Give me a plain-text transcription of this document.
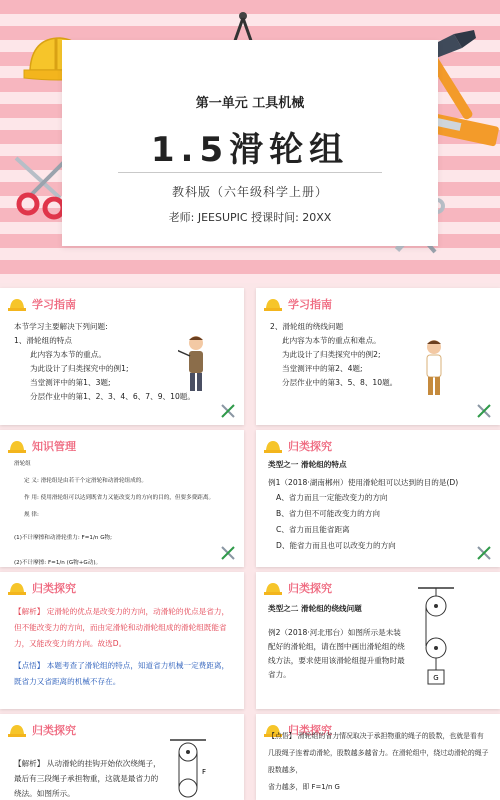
第一单元 工具机械
1.5滑轮组
教科版（六年级科学上册）
老师: JEESUPIC 授课时间: 20XX
学习指南
本节学习主要解决下列问题:
1、滑轮组的特点
此内容为本节的重点。
为此设计了归类探究中的例1;
当堂测评中的第1、3题;
分层作业中的第1、2、3、4、6、7、9、10题。
学习指南
2、滑轮组的绕线问题
此内容为本节的重点和难点。
为此设计了归类探究中的例2;
当堂测评中的第2、4题;
分层作业中的第3、5、8、10题。
知识管理
滑轮组
定 义: 滑轮组是由若干个定滑轮和动滑轮组成的。
作 用: 使用滑轮组可以达到既省力又能改变力的方向的目的，但要多费距离。
规 律:
(1)不计摩擦和动滑轮重力: F=1/n G物;
(2)不计摩擦: F=1/n (G物+G动)。
归类探究
类型之一 滑轮组的特点
例1（2018·湖南郴州）使用滑轮组可以达到的目的是(D)
A、省力而且一定能改变力的方向
B、省力但不可能改变力的方向
C、省力而且能省距离
D、能省力而且也可以改变力的方向
归类探究
【解析】 定滑轮的优点是改变力的方向，动滑轮的优点是省力，但不能改变力的方向，而由定滑轮和动滑轮组成的滑轮组既能省力，又能改变力的方向。故选D。
【点悟】 本题考查了滑轮组的特点，知道省力机械一定费距离，既省力又省距离的机械不存在。
归类探究
类型之二 滑轮组的绕线问题
例2（2018·河北邢台）如图所示是未装配好的滑轮组，请在图中画出滑轮组的绕线方法，要求使用该滑轮组提升重物时最省力。	G
归类探究
【解析】 从动滑轮的挂钩开始依次绕绳子，最后有三段绳子承担物重，这就是最省力的绕法。如图所示。
F
归类探究
【点悟】 滑轮组的省力情况取决于承担物重的绳子的股数，也就是看有几股绳子连着动滑轮，股数越多越省力。在滑轮组中，绕过动滑轮的绳子股数越多，
省力越多，即 F=1/n G
